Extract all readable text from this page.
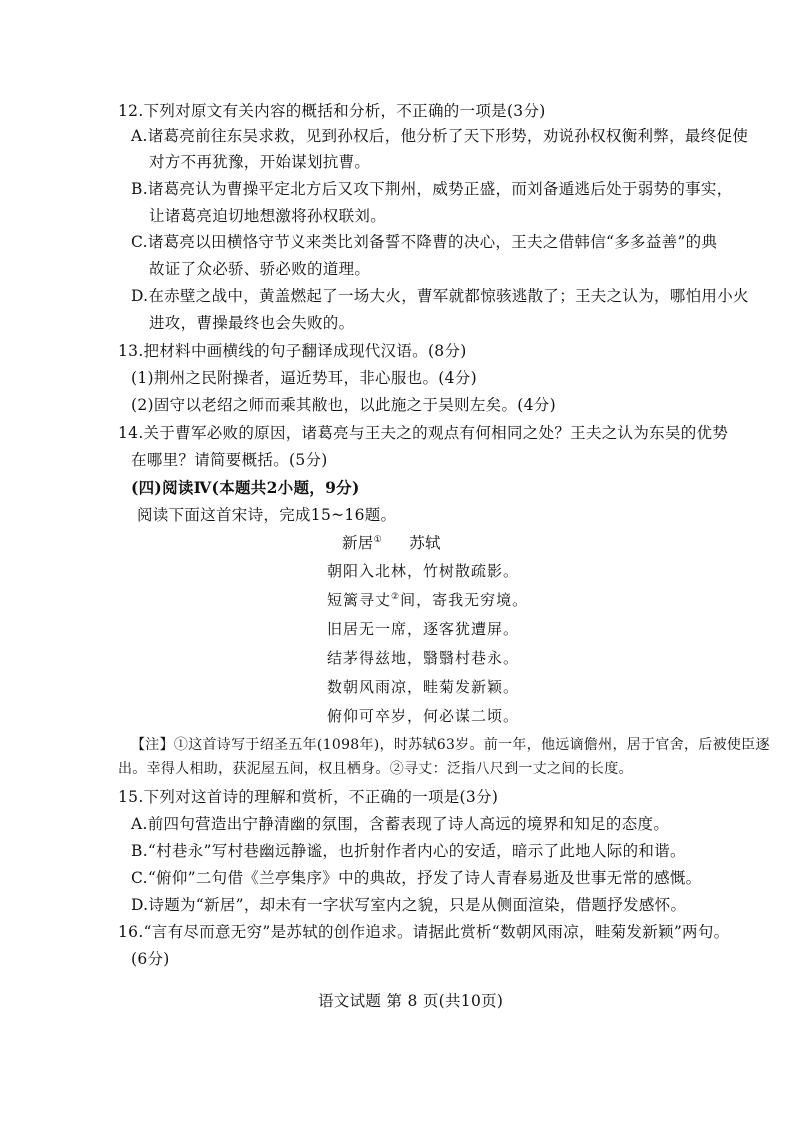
12.下列对原文有关内容的概括和分析，不正确的一项是(3分)
A.诸葛亮前往东吴求救，见到孙权后，他分析了天下形势，劝说孙权权衡利弊，最终促使
对方不再犹豫，开始谋划抗曹。
B.诸葛亮认为曹操平定北方后又攻下荆州，威势正盛，而刘备遁逃后处于弱势的事实，
让诸葛亮迫切地想激将孙权联刘。
C.诸葛亮以田横恪守节义来类比刘备誓不降曹的决心，王夫之借韩信“多多益善”的典
故证了众必骄、骄必败的道理。
D.在赤壁之战中，黄盖燃起了一场大火，曹军就都惊骇逃散了；王夫之认为，哪怕用小火
进攻，曹操最终也会失败的。
13.把材料中画横线的句子翻译成现代汉语。(8分)
(1)荆州之民附操者，逼近势耳，非心服也。(4分)
(2)固守以老绍之师而乘其敝也，以此施之于吴则左矣。(4分)
14.关于曹军必败的原因，诸葛亮与王夫之的观点有何相同之处？王夫之认为东吴的优势
在哪里？请简要概括。(5分)
(四)阅读Ⅳ(本题共2小题，9分)
阅读下面这首宋诗，完成15~16题。
新居① 苏轼
朝阳入北林，竹树散疏影。
短篱寻丈②间，寄我无穷境。
旧居无一席，逐客犹遭屏。
结茅得兹地，翳翳村巷永。
数朝风雨凉，畦菊发新颖。
俯仰可卒岁，何必谋二顷。
【注】①这首诗写于绍圣五年(1098年)，时苏轼63岁。前一年，他远谪儋州，居于官舍，后被使臣逐
出。幸得人相助，获泥屋五间，权且栖身。②寻丈：泛指八尺到一丈之间的长度。
15.下列对这首诗的理解和赏析，不正确的一项是(3分)
A.前四句营造出宁静清幽的氛围，含蓄表现了诗人高远的境界和知足的态度。
B.“村巷永”写村巷幽远静谧，也折射作者内心的安适，暗示了此地人际的和谐。
C.“俯仰”二句借《兰亭集序》中的典故，抒发了诗人青春易逝及世事无常的感慨。
D.诗题为“新居”，却未有一字状写室内之貌，只是从侧面渲染，借题抒发感怀。
16.“言有尽而意无穷”是苏轼的创作追求。请据此赏析“数朝风雨凉，畦菊发新颖”两句。
(6分)
语文试题 第 8 页(共10页)
